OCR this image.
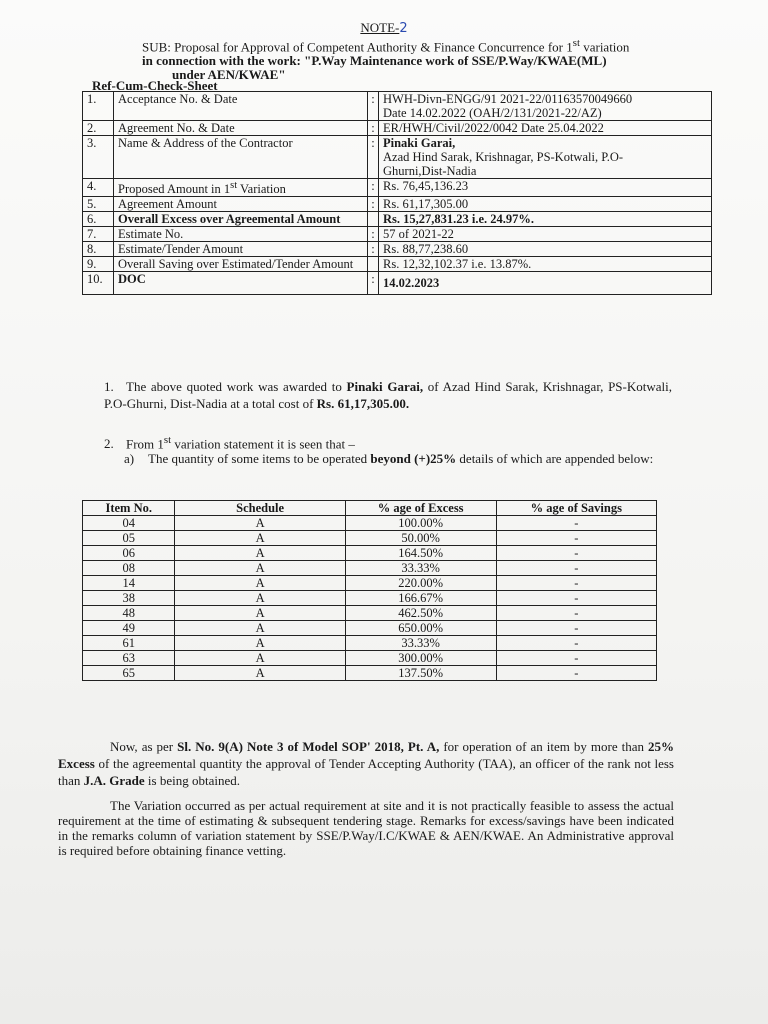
NOTE-2
SUB: Proposal for Approval of Competent Authority & Finance Concurrence for 1st variation
in connection with the work: "P.Way Maintenance work of SSE/P.Way/KWAE(ML)
under AEN/KWAE"
Ref-Cum-Check-Sheet
1.	Acceptance No. & Date	:	HWH-Divn-ENGG/91 2021-22/01163570049660
Date 14.02.2022 (OAH/2/131/2021-22/AZ)

2.	Agreement No. & Date	:	ER/HWH/Civil/2022/0042 Date 25.04.2022
3.	Name & Address of the Contractor	:	Pinaki Garai,
Azad Hind Sarak, Krishnagar, PS-Kotwali, P.O-
Ghurni,Dist-Nadia

4.	Proposed Amount in 1st Variation	:	Rs. 76,45,136.23
5.	Agreement Amount	:	Rs. 61,17,305.00
6.	Overall Excess over Agreemental Amount		Rs. 15,27,831.23 i.e. 24.97%.
7.	Estimate No.	:	57 of 2021-22
8.	Estimate/Tender Amount	:	Rs. 88,77,238.60
9.	Overall Saving over Estimated/Tender Amount		Rs. 12,32,102.37 i.e. 13.87%.
10.	DOC	:	14.02.2023
1. The above quoted work was awarded to Pinaki Garai, of Azad Hind Sarak, Krishnagar, PS-Kotwali, P.O-Ghurni, Dist-Nadia at a total cost of Rs. 61,17,305.00.
2. From 1st variation statement it is seen that –
a) The quantity of some items to be operated beyond (+)25% details of which are appended below:
Item No.	Schedule	% age of Excess	% age of Savings
04	A	100.00%	-
05	A	50.00%	-
06	A	164.50%	-
08	A	33.33%	-
14	A	220.00%	-
38	A	166.67%	-
48	A	462.50%	-
49	A	650.00%	-
61	A	33.33%	-
63	A	300.00%	-
65	A	137.50%	-
Now, as per Sl. No. 9(A) Note 3 of Model SOP' 2018, Pt. A, for operation of an item by more than 25% Excess of the agreemental quantity the approval of Tender Accepting Authority (TAA), an officer of the rank not less than J.A. Grade is being obtained.
The Variation occurred as per actual requirement at site and it is not practically feasible to assess the actual requirement at the time of estimating & subsequent tendering stage. Remarks for excess/savings have been indicated in the remarks column of variation statement by SSE/P.Way/I.C/KWAE & AEN/KWAE. An Administrative approval is required before obtaining finance vetting.
